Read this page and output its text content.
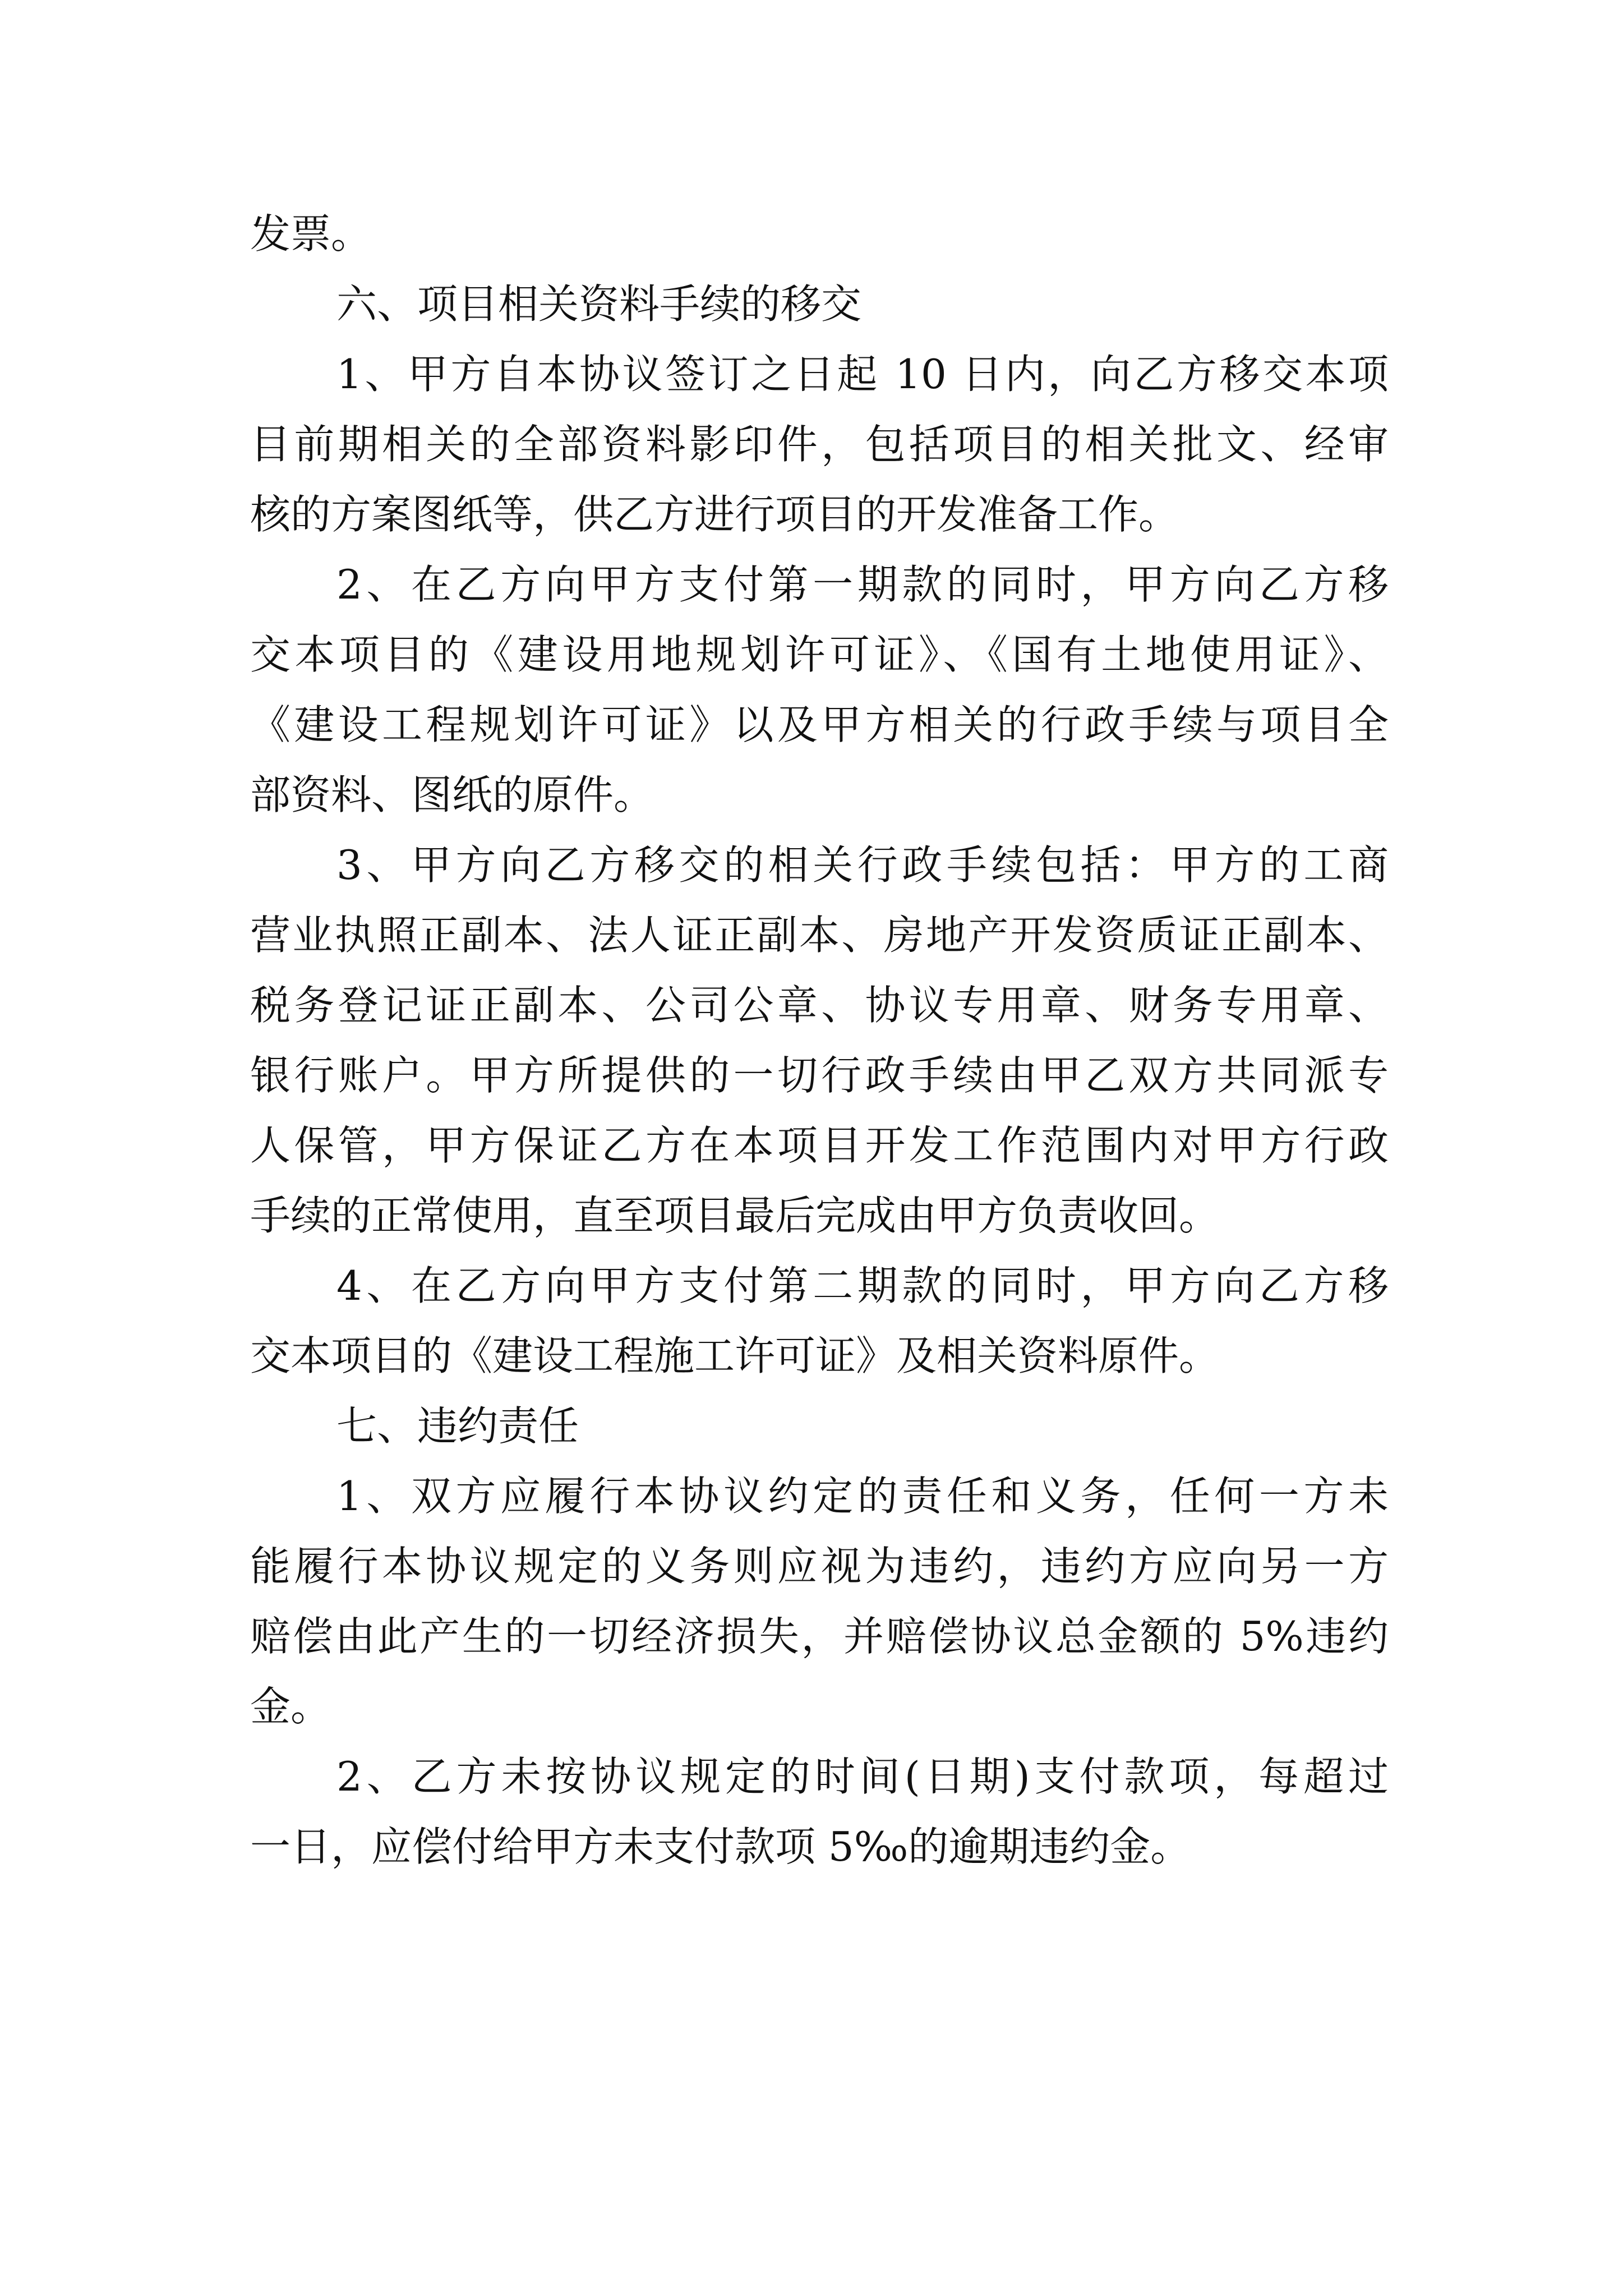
发票。
六、项目相关资料手续的移交
1、甲方自本协议签订之日起 10 日内，向乙方移交本项
目前期相关的全部资料影印件，包括项目的相关批文、经审
核的方案图纸等，供乙方进行项目的开发准备工作。
2、在乙方向甲方支付第一期款的同时，甲方向乙方移
交本项目的《建设用地规划许可证》、《国有土地使用证》、
《建设工程规划许可证》以及甲方相关的行政手续与项目全
部资料、图纸的原件。
3、甲方向乙方移交的相关行政手续包括：甲方的工商
营业执照正副本、法人证正副本、房地产开发资质证正副本、
税务登记证正副本、公司公章、协议专用章、财务专用章、
银行账户。甲方所提供的一切行政手续由甲乙双方共同派专
人保管，甲方保证乙方在本项目开发工作范围内对甲方行政
手续的正常使用，直至项目最后完成由甲方负责收回。
4、在乙方向甲方支付第二期款的同时，甲方向乙方移
交本项目的《建设工程施工许可证》及相关资料原件。
七、违约责任
1、双方应履行本协议约定的责任和义务，任何一方未
能履行本协议规定的义务则应视为违约，违约方应向另一方
赔偿由此产生的一切经济损失，并赔偿协议总金额的 5%违约
金。
2、乙方未按协议规定的时间(日期)支付款项，每超过
一日，应偿付给甲方未支付款项 5‰的逾期违约金。
